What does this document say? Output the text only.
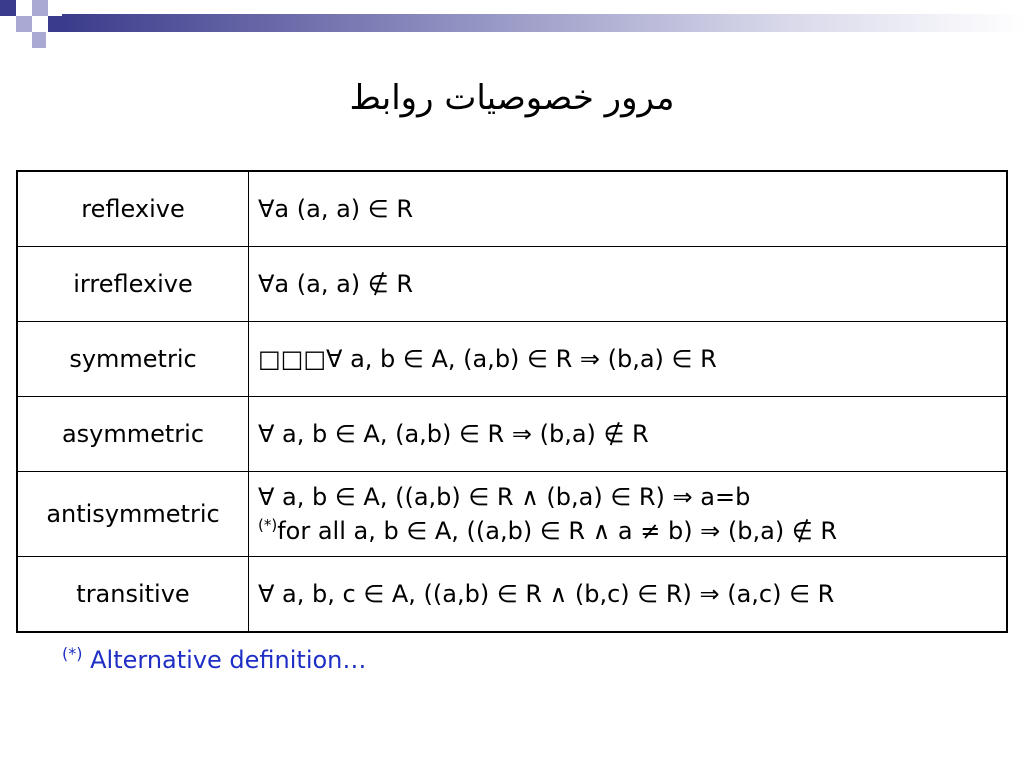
مرور خصوصیات روابط
reflexive	∀a (a, a) ∈ R

irreflexive	∀a (a, a) ∉ R

symmetric	□□□∀ a, b ∈ A, (a,b) ∈ R ⇒ (b,a) ∈ R

asymmetric	∀ a, b ∈ A, (a,b) ∈ R ⇒ (b,a) ∉ R

antisymmetric	∀ a, b ∈ A, ((a,b) ∈ R ∧ (b,a) ∈ R) ⇒ a=b
(*)for all a, b ∈ A, ((a,b) ∈ R ∧ a ≠ b) ⇒ (b,a) ∉ R

transitive	∀ a, b, c ∈ A, ((a,b) ∈ R ∧ (b,c) ∈ R) ⇒ (a,c) ∈ R
(*) Alternative definition…
